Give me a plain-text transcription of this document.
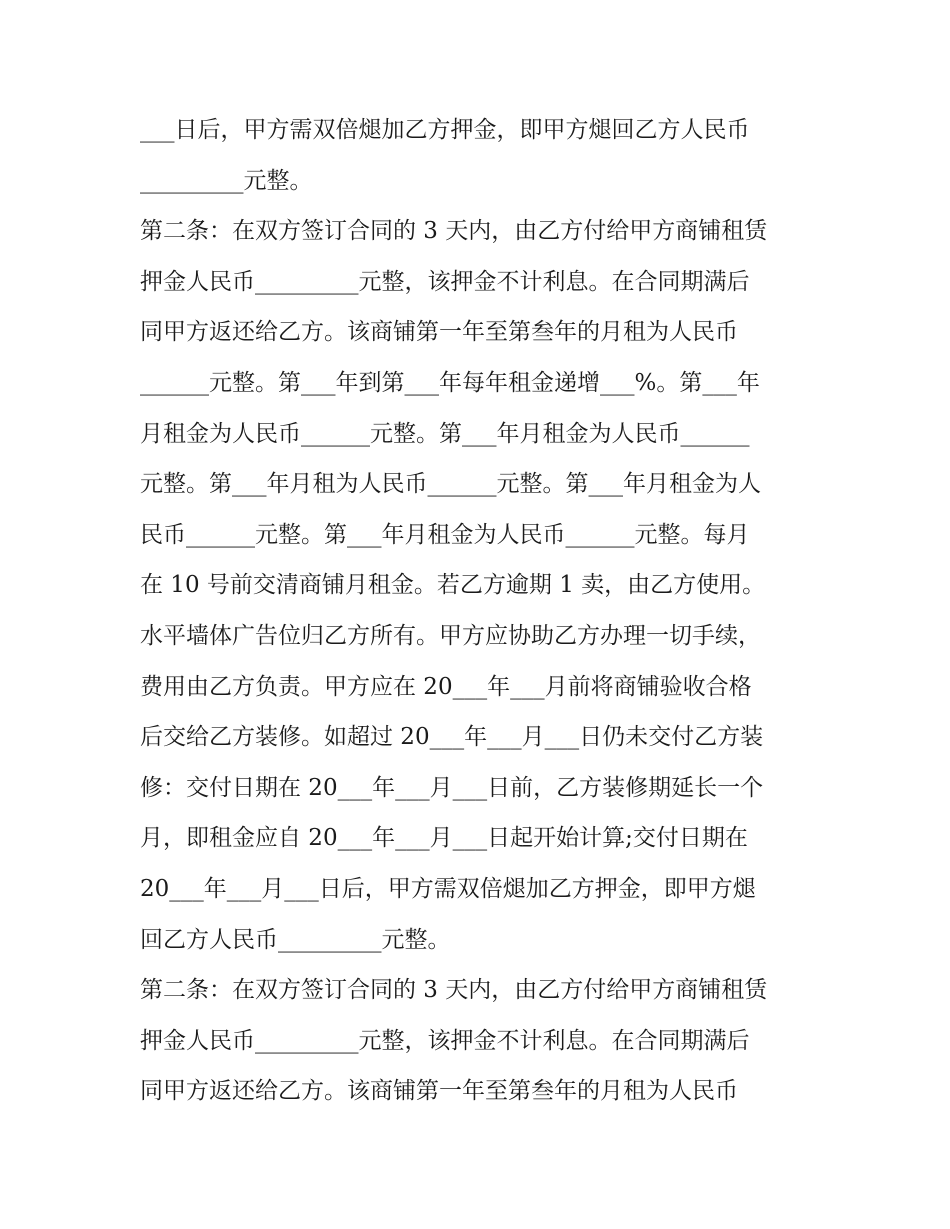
___日后，甲方需双倍煺加乙方押金，即甲方煺回乙方人民币
_________元整。
第二条：在双方签订合同的 3 天内，由乙方付给甲方商铺租赁
押金人民币_________元整，该押金不计利息。在合同期满后
同甲方返还给乙方。该商铺第一年至第叁年的月租为人民币
______元整。第___年到第___年每年租金递增___%。第___年
月租金为人民币______元整。第___年月租金为人民币______
元整。第___年月租为人民币______元整。第___年月租金为人
民币______元整。第___年月租金为人民币______元整。每月
在 10 号前交清商铺月租金。若乙方逾期 1 卖，由乙方使用。
水平墙体广告位归乙方所有。甲方应协助乙方办理一切手续，
费用由乙方负责。甲方应在 20___年___月前将商铺验收合格
后交给乙方装修。如超过 20___年___月___日仍未交付乙方装
修：交付日期在 20___年___月___日前，乙方装修期延长一个
月，即租金应自 20___年___月___日起开始计算;交付日期在
20___年___月___日后，甲方需双倍煺加乙方押金，即甲方煺
回乙方人民币_________元整。
第二条：在双方签订合同的 3 天内，由乙方付给甲方商铺租赁
押金人民币_________元整，该押金不计利息。在合同期满后
同甲方返还给乙方。该商铺第一年至第叁年的月租为人民币
